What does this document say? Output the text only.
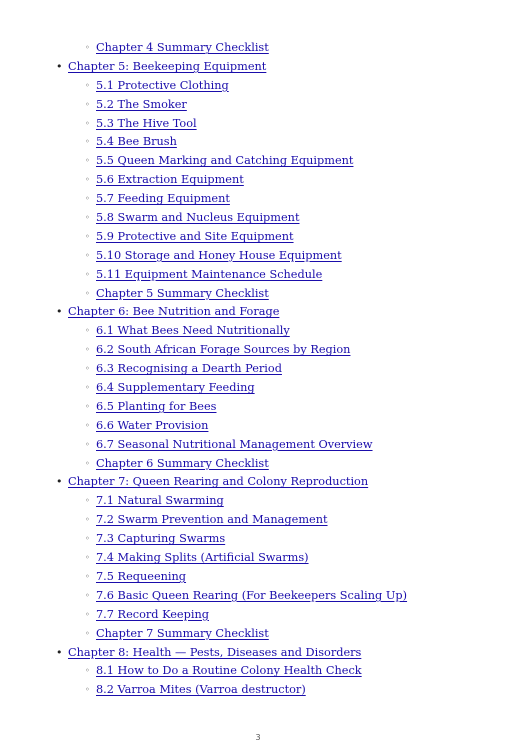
◦ Chapter 4 Summary Checklist
• Chapter 5: Beekeeping Equipment
◦ 5.1 Protective Clothing
◦ 5.2 The Smoker
◦ 5.3 The Hive Tool
◦ 5.4 Bee Brush
◦ 5.5 Queen Marking and Catching Equipment
◦ 5.6 Extraction Equipment
◦ 5.7 Feeding Equipment
◦ 5.8 Swarm and Nucleus Equipment
◦ 5.9 Protective and Site Equipment
◦ 5.10 Storage and Honey House Equipment
◦ 5.11 Equipment Maintenance Schedule
◦ Chapter 5 Summary Checklist
• Chapter 6: Bee Nutrition and Forage
◦ 6.1 What Bees Need Nutritionally
◦ 6.2 South African Forage Sources by Region
◦ 6.3 Recognising a Dearth Period
◦ 6.4 Supplementary Feeding
◦ 6.5 Planting for Bees
◦ 6.6 Water Provision
◦ 6.7 Seasonal Nutritional Management Overview
◦ Chapter 6 Summary Checklist
• Chapter 7: Queen Rearing and Colony Reproduction
◦ 7.1 Natural Swarming
◦ 7.2 Swarm Prevention and Management
◦ 7.3 Capturing Swarms
◦ 7.4 Making Splits (Artificial Swarms)
◦ 7.5 Requeening
◦ 7.6 Basic Queen Rearing (For Beekeepers Scaling Up)
◦ 7.7 Record Keeping
◦ Chapter 7 Summary Checklist
• Chapter 8: Health — Pests, Diseases and Disorders
◦ 8.1 How to Do a Routine Colony Health Check
◦ 8.2 Varroa Mites (Varroa destructor)
3
